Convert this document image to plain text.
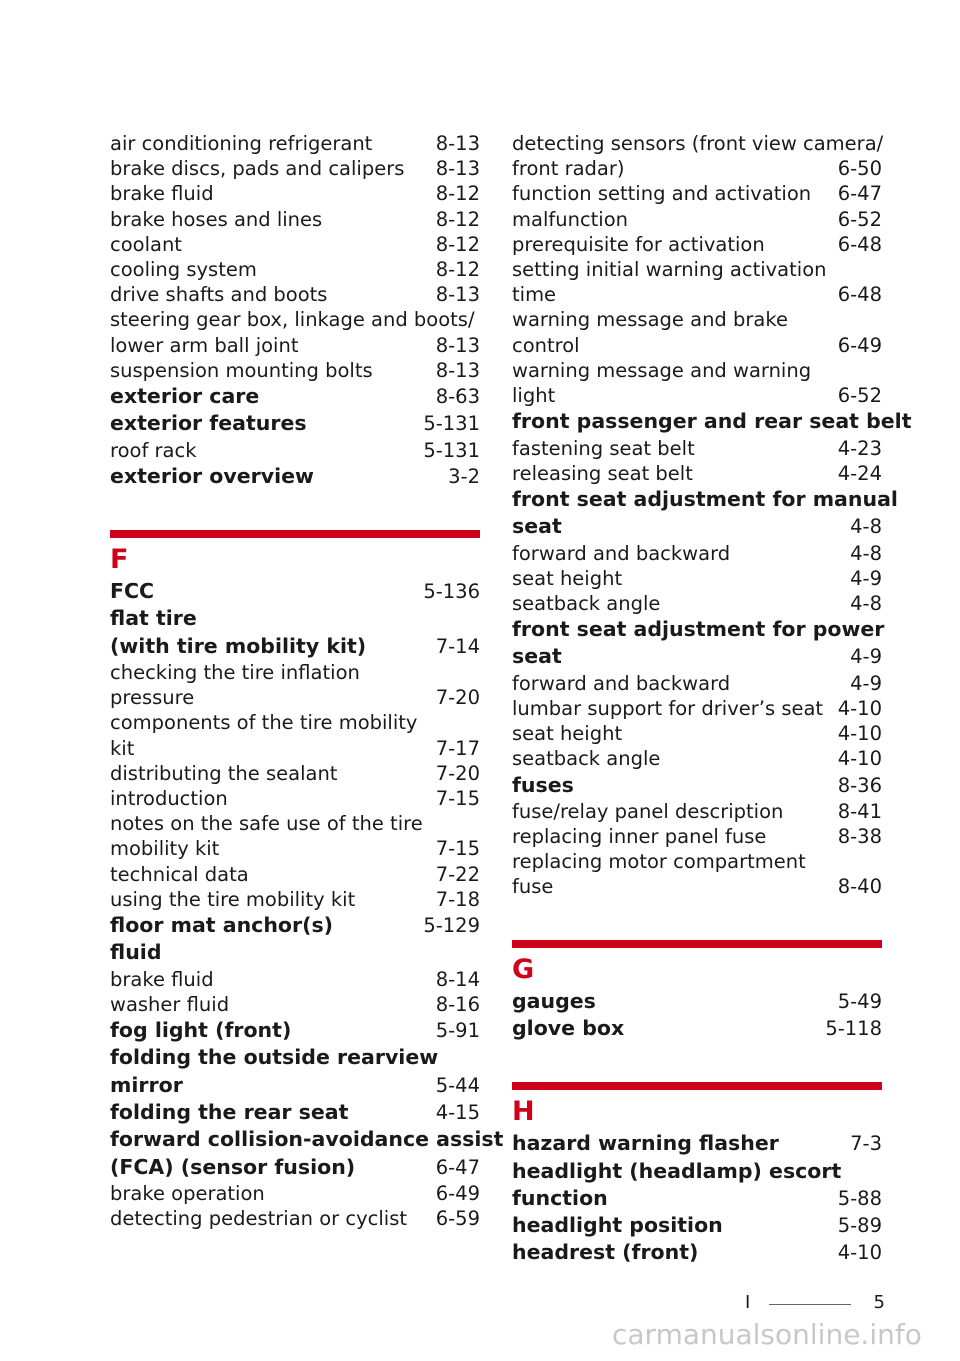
air conditioning refrigerant	8-13
brake discs, pads and calipers	8-13
brake fluid	8-12
brake hoses and lines	8-12
coolant	8-12
cooling system	8-12
drive shafts and boots	8-13
steering gear box, linkage and boots/
lower arm ball joint	8-13
suspension mounting bolts	8-13
exterior care	8-63
exterior features	5-131
roof rack	5-131
exterior overview	3-2
F
FCC	5-136
flat tire
(with tire mobility kit)	7-14
checking the tire inflation
pressure	7-20
components of the tire mobility
kit	7-17
distributing the sealant	7-20
introduction	7-15
notes on the safe use of the tire
mobility kit	7-15
technical data	7-22
using the tire mobility kit	7-18
floor mat anchor(s)	5-129
fluid
brake fluid	8-14
washer fluid	8-16
fog light (front)	5-91
folding the outside rearview
mirror	5-44
folding the rear seat	4-15
forward collision-avoidance assist
(FCA) (sensor fusion)	6-47
brake operation	6-49
detecting pedestrian or cyclist	6-59
detecting sensors (front view camera/
front radar)	6-50
function setting and activation	6-47
malfunction	6-52
prerequisite for activation	6-48
setting initial warning activation
time	6-48
warning message and brake
control	6-49
warning message and warning
light	6-52
front passenger and rear seat belt
fastening seat belt	4-23
releasing seat belt	4-24
front seat adjustment for manual
seat	4-8
forward and backward	4-8
seat height	4-9
seatback angle	4-8
front seat adjustment for power
seat	4-9
forward and backward	4-9
lumbar support for driver’s seat 4-10
seat height	4-10
seatback angle	4-10
fuses	8-36
fuse/relay panel description	8-41
replacing inner panel fuse	8-38
replacing motor compartment
fuse	8-40
G
gauges	5-49
glove box	5-118
H
hazard warning flasher	7-3
headlight (headlamp) escort
function	5-88
headlight position	5-89
headrest (front)	4-10
I	5
carmanualsonline.info
